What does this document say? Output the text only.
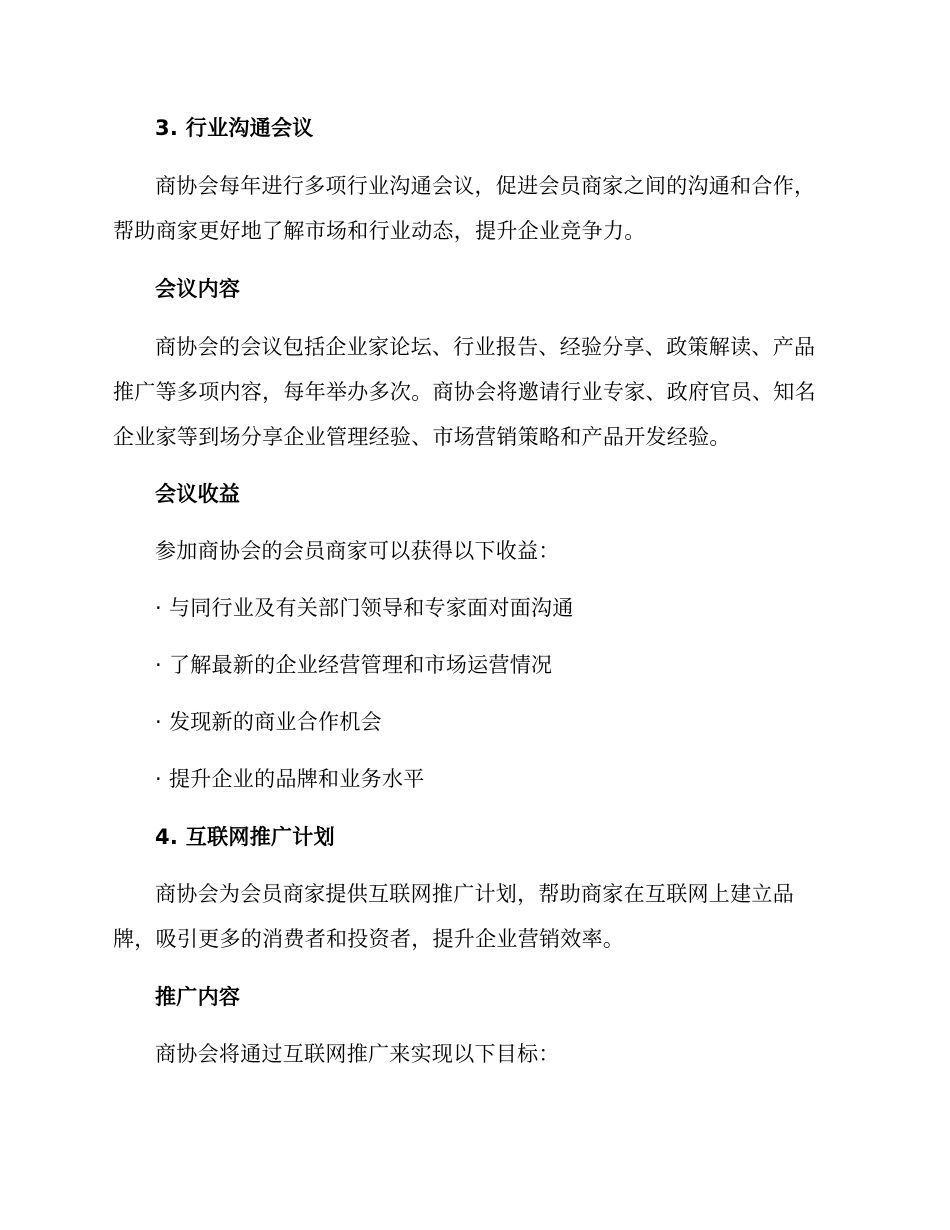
3. 行业沟通会议
商协会每年进行多项行业沟通会议，促进会员商家之间的沟通和合作，
帮助商家更好地了解市场和行业动态，提升企业竞争力。
会议内容
商协会的会议包括企业家论坛、行业报告、经验分享、政策解读、产品
推广等多项内容，每年举办多次。商协会将邀请行业专家、政府官员、知名
企业家等到场分享企业管理经验、市场营销策略和产品开发经验。
会议收益
参加商协会的会员商家可以获得以下收益：
· 与同行业及有关部门领导和专家面对面沟通
· 了解最新的企业经营管理和市场运营情况
· 发现新的商业合作机会
· 提升企业的品牌和业务水平
4. 互联网推广计划
商协会为会员商家提供互联网推广计划，帮助商家在互联网上建立品
牌，吸引更多的消费者和投资者，提升企业营销效率。
推广内容
商协会将通过互联网推广来实现以下目标：
